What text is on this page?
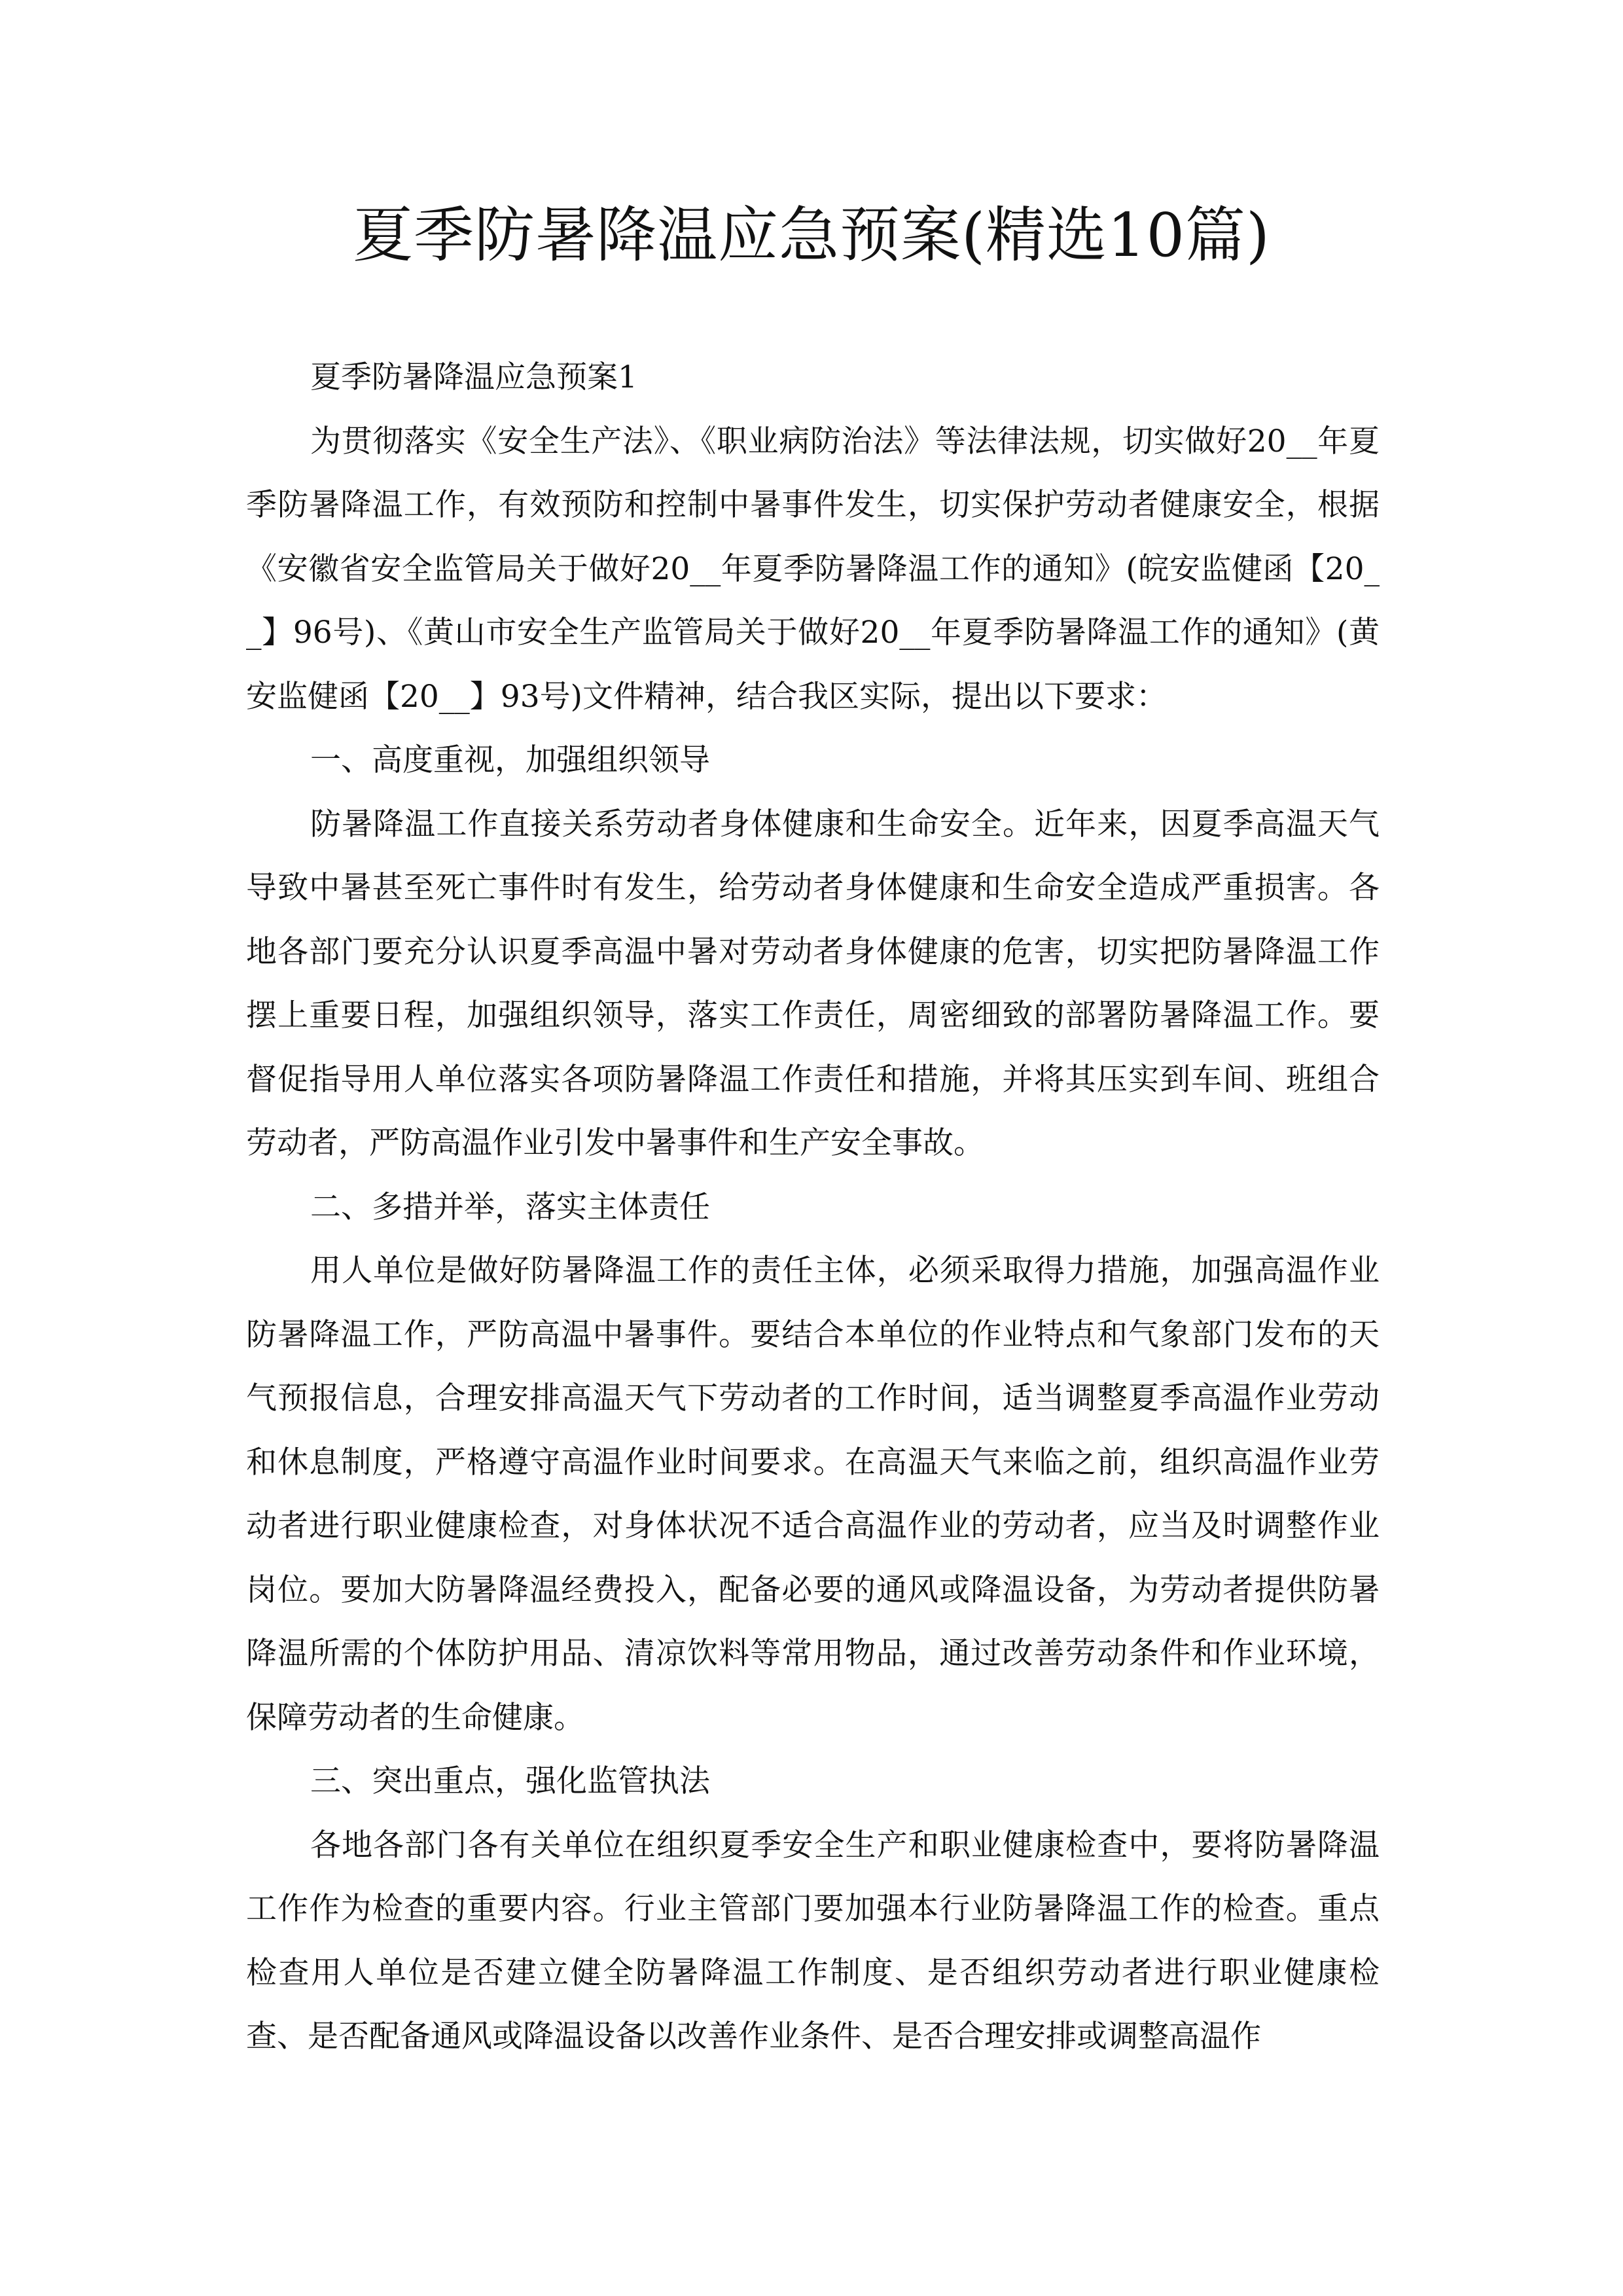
夏季防暑降温应急预案(精选10篇)

夏季防暑降温应急预案1

为贯彻落实《安全生产法》、《职业病防治法》等法律法规，切实做好20__年夏季防暑降温工作，有效预防和控制中暑事件发生，切实保护劳动者健康安全，根据《安徽省安全监管局关于做好20__年夏季防暑降温工作的通知》(皖安监健函【20__】96号)、《黄山市安全生产监管局关于做好20__年夏季防暑降温工作的通知》(黄安监健函【20__】93号)文件精神，结合我区实际，提出以下要求：

一、高度重视，加强组织领导

防暑降温工作直接关系劳动者身体健康和生命安全。近年来，因夏季高温天气导致中暑甚至死亡事件时有发生，给劳动者身体健康和生命安全造成严重损害。各地各部门要充分认识夏季高温中暑对劳动者身体健康的危害，切实把防暑降温工作摆上重要日程，加强组织领导，落实工作责任，周密细致的部署防暑降温工作。要督促指导用人单位落实各项防暑降温工作责任和措施，并将其压实到车间、班组合劳动者，严防高温作业引发中暑事件和生产安全事故。

二、多措并举，落实主体责任

用人单位是做好防暑降温工作的责任主体，必须采取得力措施，加强高温作业防暑降温工作，严防高温中暑事件。要结合本单位的作业特点和气象部门发布的天气预报信息，合理安排高温天气下劳动者的工作时间，适当调整夏季高温作业劳动和休息制度，严格遵守高温作业时间要求。在高温天气来临之前，组织高温作业劳动者进行职业健康检查，对身体状况不适合高温作业的劳动者，应当及时调整作业岗位。要加大防暑降温经费投入，配备必要的通风或降温设备，为劳动者提供防暑降温所需的个体防护用品、清凉饮料等常用物品，通过改善劳动条件和作业环境，保障劳动者的生命健康。

三、突出重点，强化监管执法

各地各部门各有关单位在组织夏季安全生产和职业健康检查中，要将防暑降温工作作为检查的重要内容。行业主管部门要加强本行业防暑降温工作的检查。重点检查用人单位是否建立健全防暑降温工作制度、是否组织劳动者进行职业健康检查、是否配备通风或降温设备以改善作业条件、是否合理安排或调整高温作
